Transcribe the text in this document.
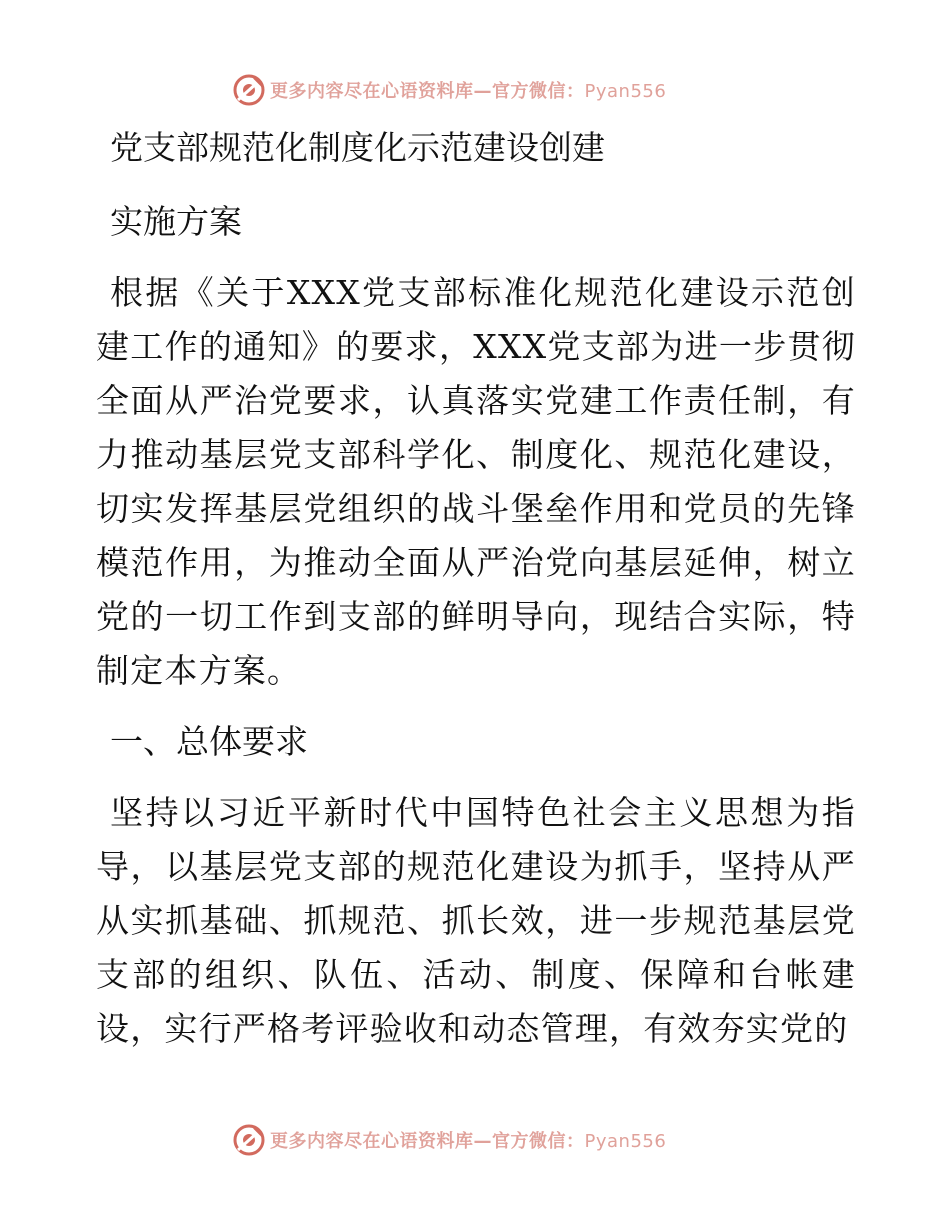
更多内容尽在心语资料库—官方微信：Pyan556

党支部规范化制度化示范建设创建

实施方案

根据《关于XXX党支部标准化规范化建设示范创建工作的通知》的要求，XXX党支部为进一步贯彻全面从严治党要求，认真落实党建工作责任制，有力推动基层党支部科学化、制度化、规范化建设，切实发挥基层党组织的战斗堡垒作用和党员的先锋模范作用，为推动全面从严治党向基层延伸，树立党的一切工作到支部的鲜明导向，现结合实际，特制定本方案。

一、总体要求

坚持以习近平新时代中国特色社会主义思想为指导，以基层党支部的规范化建设为抓手，坚持从严从实抓基础、抓规范、抓长效，进一步规范基层党支部的组织、队伍、活动、制度、保障和台帐建设，实行严格考评验收和动态管理，有效夯实党的

更多内容尽在心语资料库—官方微信：Pyan556
